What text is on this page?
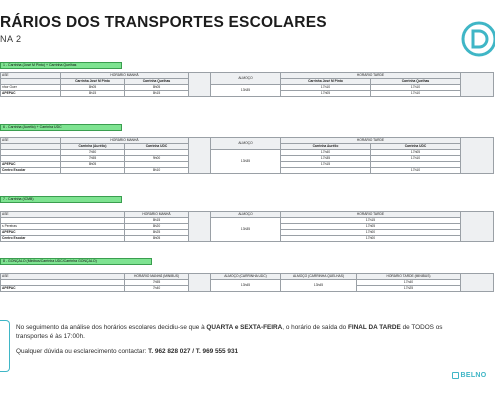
RÁRIOS DOS TRANSPORTES ESCOLARES
NA 2
1 - Carrinha (José M Pinto) + Carrinha Quelhas
ASE	HORÁRIO MANHÃ			ALMOÇO	HORÁRIO TARDE		
	Carrinha José M Pinto	Carrinha Quelhas			Carrinha José M Pinto	Carrinha Quelhas	
nhor Guer	8h05	8h05		13h35	17h10	17h10	
APEPAC	8h15	8h15			17h05	17h10	
6 - Carrinha (Aurélio) + Carrinha UDC
ASE	HORÁRIO MANHÃ			ALMOÇO	HORÁRIO TARDE		
	Carrinha (Aurélio)	Carrinha UDC			Carrinha Aurélio	Carrinha UDC	
	7h50			13h35	17h40	17h05	
	7h55	9h00			17h35	17h10	
APEPAC	8h05				17h15		
Centro Escolar		8h10				17h10	
7 - Carrinha (ICMB)
ASE	HORÁRIO MANHÃ		ALMOÇO	HORÁRIO TARDE	
	8h15		13h35	17h15	
s Pereiras	8h20			17h05	
APEPAC	8h25			17h00	
Centro Escolar	8h05			17h00	
8 - GONÇALO (Minibus/Carrinha UDC/Carrinha GONÇALO)
ASE	HORÁRIO MANHÃ (MINIBUS)		ALMOÇO (CARRINHA UDC)	ALMOÇO (CARRINHA QUELHAS)	HORÁRIO TARDE (MINIBUS)	
	7h55		13h45	13h45	17h40	
APEPAC	7h40				17h25	
No seguimento da análise dos horários escolares decidiu-se que à QUARTA e SEXTA-FEIRA, o horário de saída do FINAL DA TARDE de TODOS os transportes é às 17:00h.
Qualquer dúvida ou esclarecimento contactar: T. 962 828 027 / T. 969 555 931
BELNO
